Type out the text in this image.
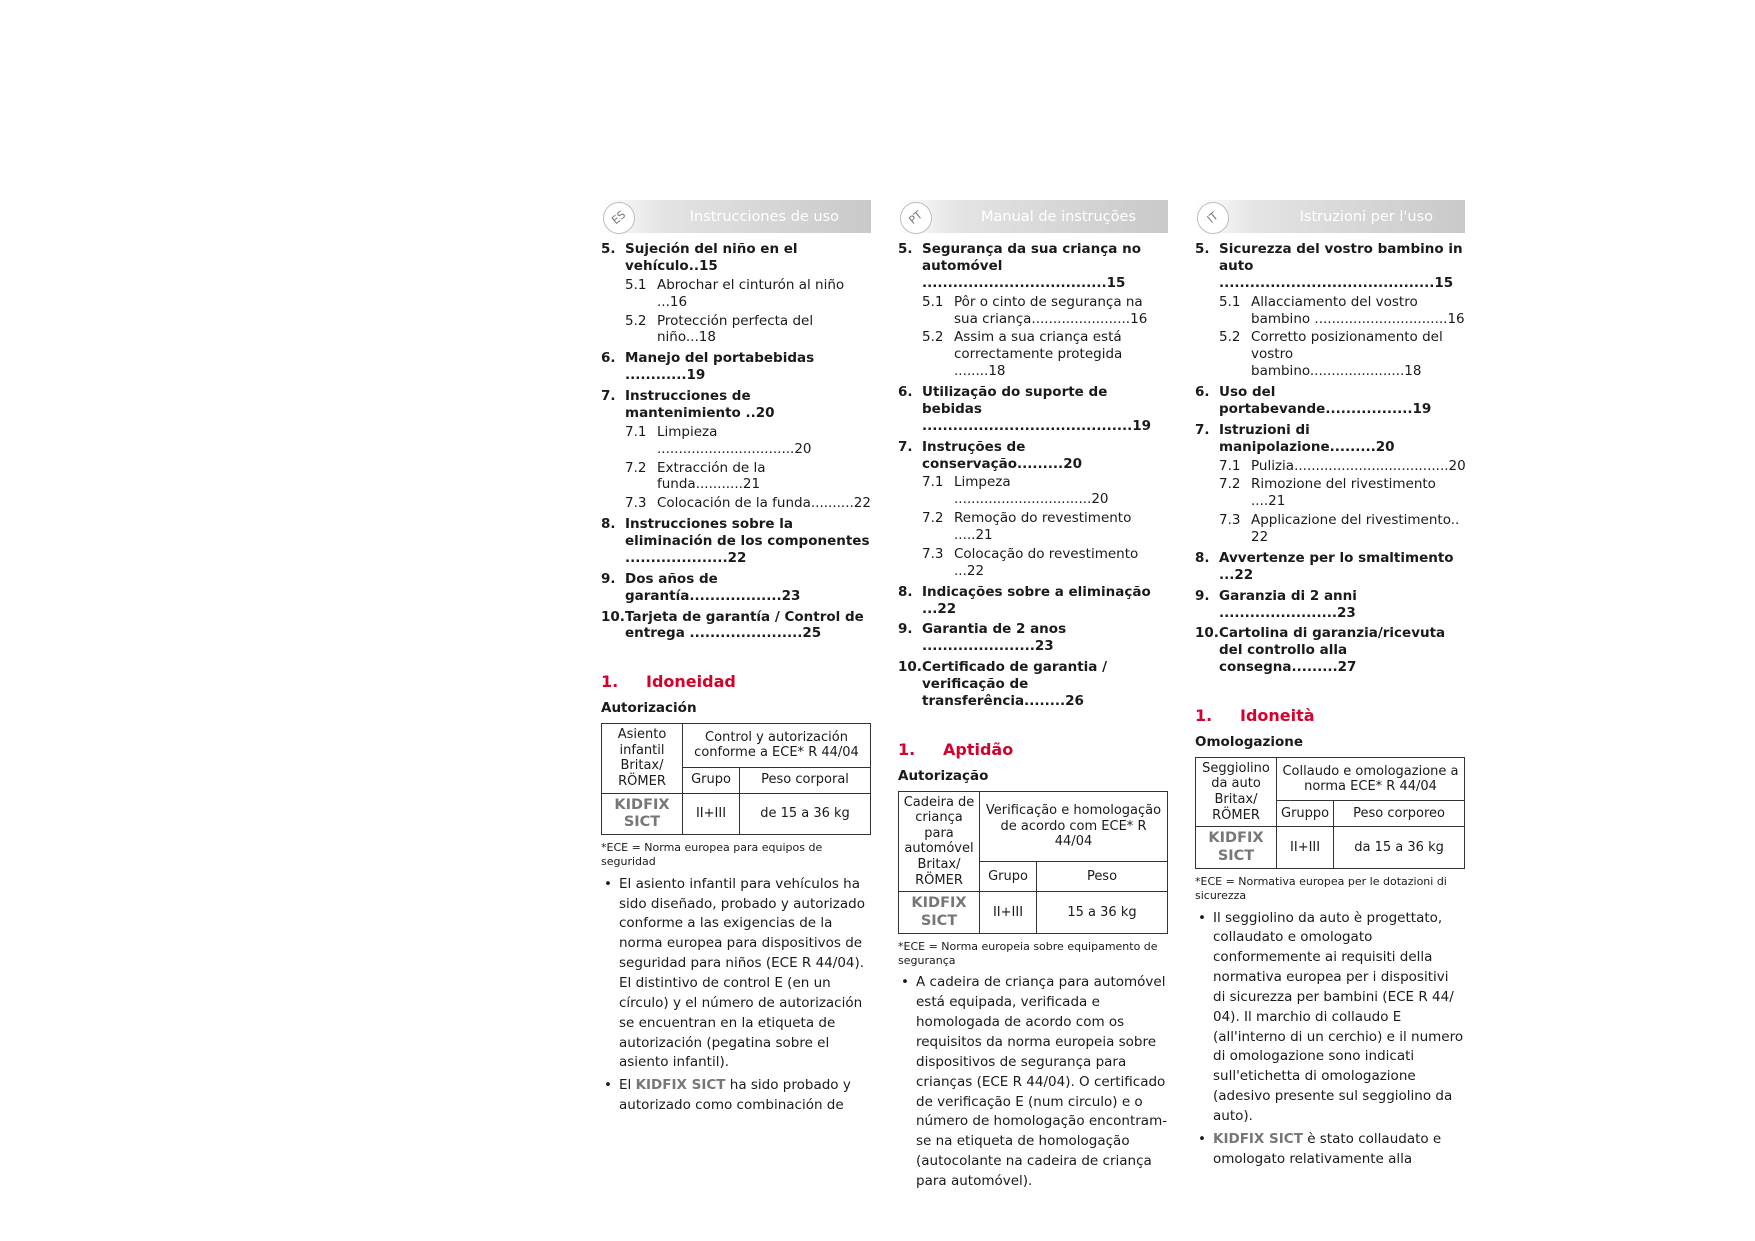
ES	Instrucciones de uso
5. Sujeción del niño en el vehículo..15
5.1 Abrochar el cinturón al niño ...16
5.2 Protección perfecta del niño...18
6. Manejo del portabebidas ............19
7. Instrucciones de mantenimiento ..20
7.1 Limpieza ................................20
7.2 Extracción de la funda...........21
7.3 Colocación de la funda..........22
8. Instrucciones sobre la eliminación de los componentes ....................22
9. Dos años de garantía..................23
10. Tarjeta de garantía / Control de entrega ......................25
1.	Idoneidad
Autorización
Asiento infantil Britax/ RÖMER	Control y autorización conforme a ECE* R 44/04	
	Grupo	Peso corporal
KIDFIX SICT	II+III	de 15 a 36 kg
*ECE = Norma europea para equipos de seguridad
• El asiento infantil para vehículos ha sido diseñado, probado y autorizado conforme a las exigencias de la norma europea para dispositivos de seguridad para niños (ECE R 44/04). El distintivo de control E (en un círculo) y el número de autorización se encuentran en la etiqueta de autorización (pegatina sobre el asiento infantil).
• El KIDFIX SICT ha sido probado y autorizado como combinación de
PT	Manual de instruções
5. Segurança da sua criança no automóvel ....................................15
5.1 Pôr o cinto de segurança na sua criança.......................16
5.2 Assim a sua criança está correctamente protegida ........18
6. Utilização do suporte de bebidas .........................................19
7. Instruções de conservação.........20
7.1 Limpeza ................................20
7.2 Remoção do revestimento .....21
7.3 Colocação do revestimento ...22
8. Indicações sobre a eliminação ...22
9. Garantia de 2 anos ......................23
10. Certificado de garantia / verificação de transferência........26
1.	Aptidão
Autorização
Cadeira de criança para automóvel Britax/ RÖMER	Verificação e homologação de acordo com ECE* R 44/04	
	Grupo	Peso
KIDFIX SICT	II+III	15 a 36 kg
*ECE = Norma europeia sobre equipamento de segurança
• A cadeira de criança para automóvel está equipada, verificada e homologada de acordo com os requisitos da norma europeia sobre dispositivos de segurança para crianças (ECE R 44/04). O certificado de verificação E (num circulo) e o número de homologação encontram-se na etiqueta de homologação (autocolante na cadeira de criança para automóvel).
IT	Istruzioni per l'uso
5. Sicurezza del vostro bambino in auto ..........................................15
5.1 Allacciamento del vostro bambino ...............................16
5.2 Corretto posizionamento del vostro bambino......................18
6. Uso del portabevande.................19
7. Istruzioni di manipolazione.........20
7.1 Pulizia....................................20
7.2 Rimozione del rivestimento ....21
7.3 Applicazione del rivestimento.. 22
8. Avvertenze per lo smaltimento ...22
9. Garanzia di 2 anni .......................23
10. Cartolina di garanzia/ricevuta del controllo alla consegna.........27
1.	Idoneità
Omologazione
Seggiolino da auto Britax/ RÖMER	Collaudo e omologazione a norma ECE* R 44/04	
	Gruppo	Peso corporeo
KIDFIX SICT	II+III	da 15 a 36 kg
*ECE = Normativa europea per le dotazioni di sicurezza
• Il seggiolino da auto è progettato, collaudato e omologato conformemente ai requisiti della normativa europea per i dispositivi di sicurezza per bambini (ECE R 44/ 04). Il marchio di collaudo E (all'interno di un cerchio) e il numero di omologazione sono indicati sull'etichetta di omologazione (adesivo presente sul seggiolino da auto).
• KIDFIX SICT è stato collaudato e omologato relativamente alla
